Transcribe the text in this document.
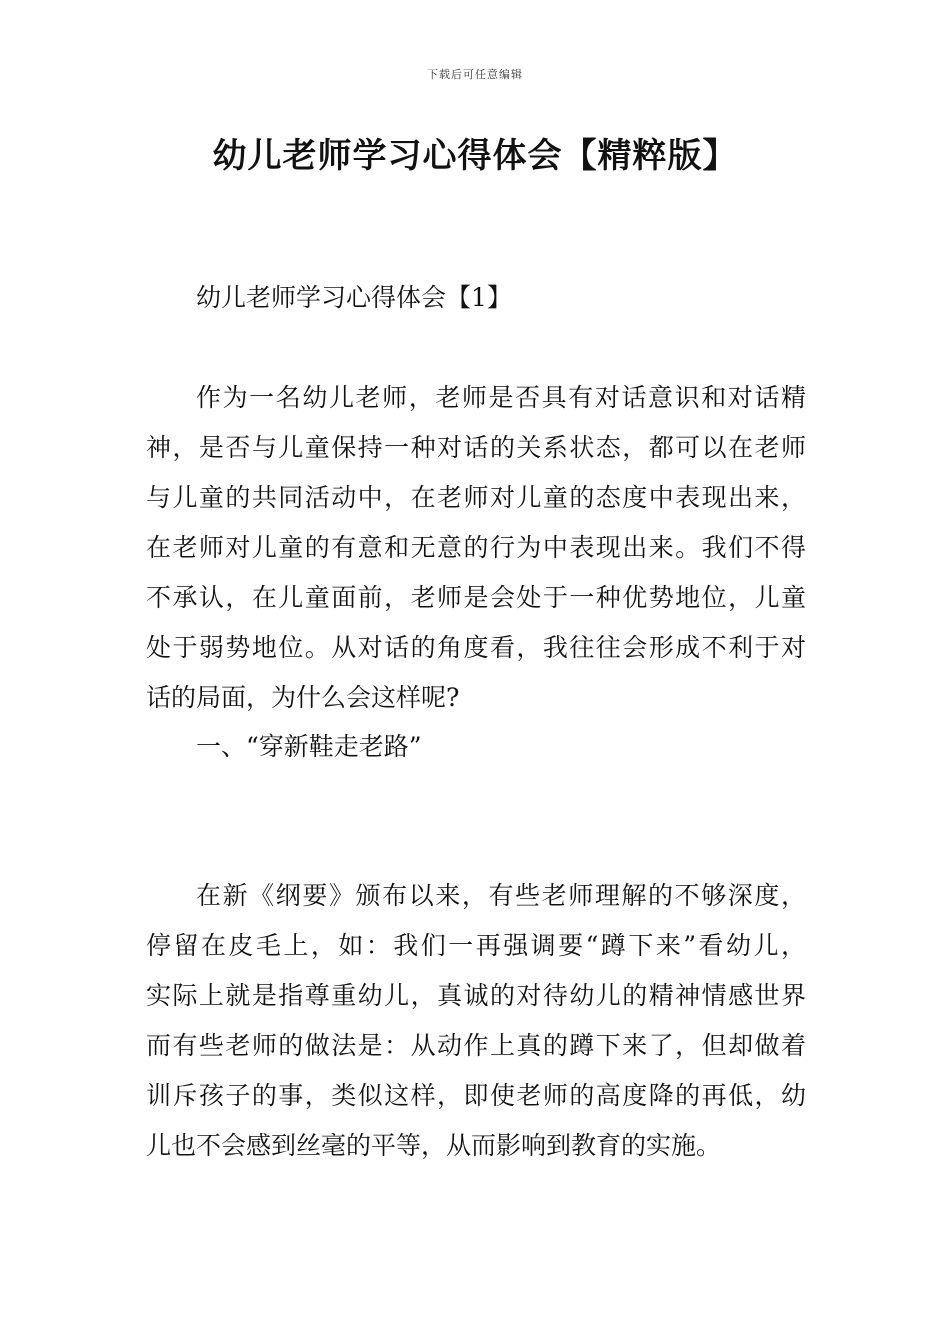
下载后可任意编辑
幼儿老师学习心得体会【精粹版】
幼儿老师学习心得体会【1】
作为一名幼儿老师，老师是否具有对话意识和对话精
神，是否与儿童保持一种对话的关系状态，都可以在老师
与儿童的共同活动中，在老师对儿童的态度中表现出来，
在老师对儿童的有意和无意的行为中表现出来。我们不得
不承认，在儿童面前，老师是会处于一种优势地位，儿童
处于弱势地位。从对话的角度看，我往往会形成不利于对
话的局面，为什么会这样呢?
一、“穿新鞋走老路”
在新《纲要》颁布以来，有些老师理解的不够深度，
停留在皮毛上，如：我们一再强调要“蹲下来”看幼儿，
实际上就是指尊重幼儿，真诚的对待幼儿的精神情感世界
而有些老师的做法是：从动作上真的蹲下来了，但却做着
训斥孩子的事，类似这样，即使老师的高度降的再低，幼
儿也不会感到丝毫的平等，从而影响到教育的实施。
